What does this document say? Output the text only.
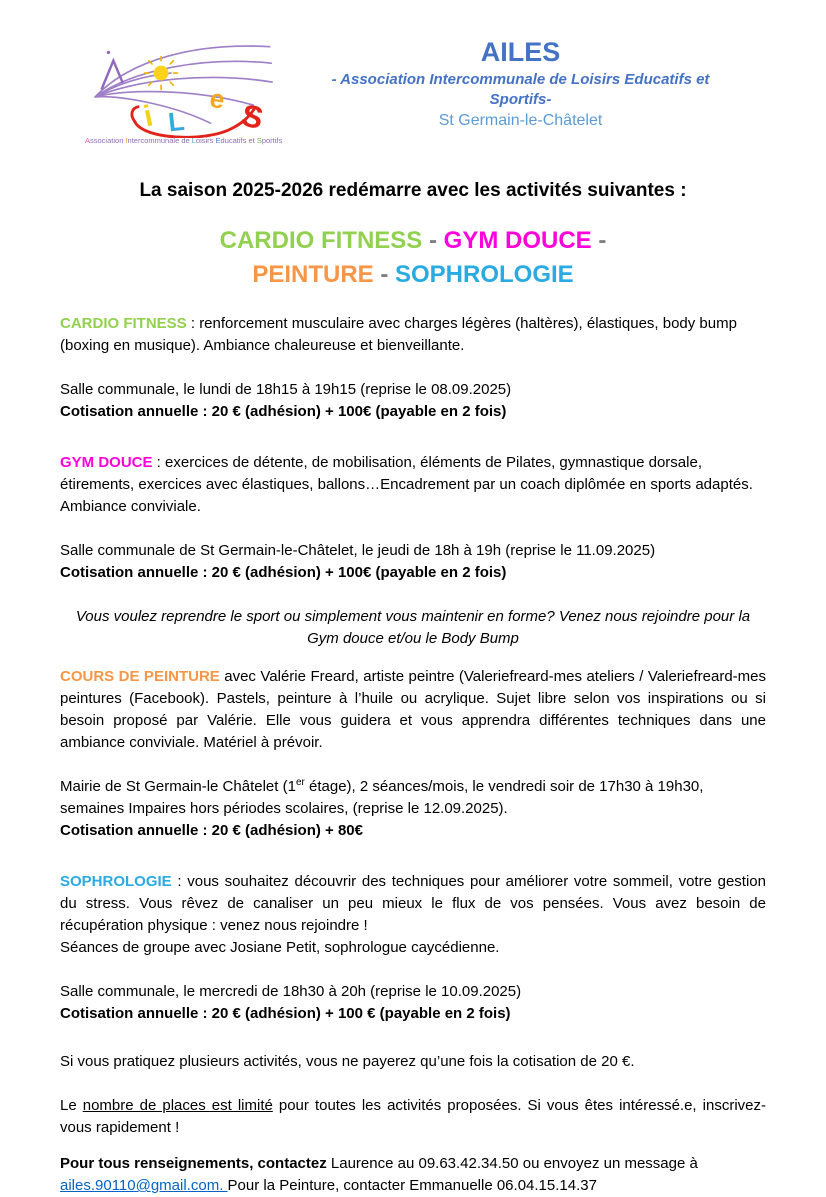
i L
e S
Association Intercommunale de Loisirs Educatifs et Sportifs
AILES
- Association Intercommunale de Loisirs Educatifs et Sportifs-
St Germain-le-Châtelet
La saison 2025-2026 redémarre avec les activités suivantes :
CARDIO FITNESS - GYM DOUCE -
PEINTURE - SOPHROLOGIE

CARDIO FITNESS : renforcement musculaire avec charges légères (haltères), élastiques, body bump (boxing en musique). Ambiance chaleureuse et bienveillante.

Salle communale, le lundi de 18h15 à 19h15 (reprise le 08.09.2025)

Cotisation annuelle : 20 € (adhésion) + 100€ (payable en 2 fois)

GYM DOUCE : exercices de détente, de mobilisation, éléments de Pilates, gymnastique dorsale, étirements, exercices avec élastiques, ballons…Encadrement par un coach diplômée en sports adaptés. Ambiance conviviale.

Salle communale de St Germain-le-Châtelet, le jeudi de 18h à 19h (reprise le 11.09.2025)

Cotisation annuelle : 20 € (adhésion) + 100€ (payable en 2 fois)

Vous voulez reprendre le sport ou simplement vous maintenir en forme? Venez nous rejoindre pour la Gym douce et/ou le Body Bump

COURS DE PEINTURE avec Valérie Freard, artiste peintre (Valeriefreard-mes ateliers / Valeriefreard-mes peintures (Facebook). Pastels, peinture à l’huile ou acrylique. Sujet libre selon vos inspirations ou si besoin proposé par Valérie. Elle vous guidera et vous apprendra différentes techniques dans une ambiance conviviale. Matériel à prévoir.

Mairie de St Germain-le Châtelet (1er étage), 2 séances/mois, le vendredi soir de 17h30 à 19h30, semaines Impaires hors périodes scolaires, (reprise le 12.09.2025).

Cotisation annuelle : 20 € (adhésion) + 80€

SOPHROLOGIE : vous souhaitez découvrir des techniques pour améliorer votre sommeil, votre gestion du stress. Vous rêvez de canaliser un peu mieux le flux de vos pensées. Vous avez besoin de récupération physique : venez nous rejoindre !

Séances de groupe avec Josiane Petit, sophrologue caycédienne.

Salle communale, le mercredi de 18h30 à 20h (reprise le 10.09.2025)

Cotisation annuelle : 20 € (adhésion) + 100 € (payable en 2 fois)

Si vous pratiquez plusieurs activités, vous ne payerez qu’une fois la cotisation de 20 €.

Le nombre de places est limité pour toutes les activités proposées. Si vous êtes intéressé.e, inscrivez-vous rapidement !

Pour tous renseignements, contactez Laurence au 09.63.42.34.50 ou envoyez un message à ailes.90110@gmail.com. Pour la Peinture, contacter Emmanuelle 06.04.15.14.37
